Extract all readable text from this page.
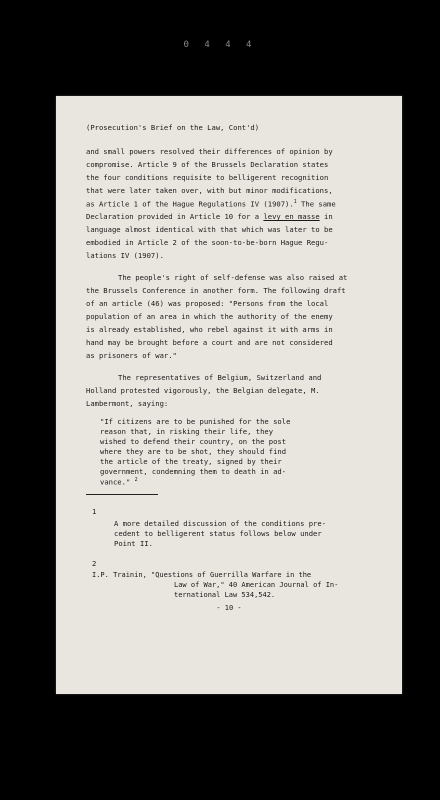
0 4 4 4
(Prosecution's Brief on the Law, Cont'd)
and small powers resolved their differences of opinion by
compromise. Article 9 of the Brussels Declaration states
the four conditions requisite to belligerent recognition
that were later taken over, with but minor modifications,
as Article 1 of the Hague Regulations IV (1907).$^1$ The same
Declaration provided in Article 10 for a levy en masse in
language almost identical with that which was later to be
embodied in Article 2 of the soon-to-be-born Hague Regu-
lations IV (1907).
The people's right of self-defense was also raised at
the Brussels Conference in another form. The following draft
of an article (46) was proposed: "Persons from the local
population of an area in which the authority of the enemy
is already established, who rebel against it with arms in
hand may be brought before a court and are not considered
as prisoners of war."
The representatives of Belgium, Switzerland and
Holland protested vigorously, the Belgian delegate, M.
Lambermont, saying:
"If citizens are to be punished for the sole
reason that, in risking their life, they
wished to defend their country, on the post
where they are to be shot, they should find
the article of the treaty, signed by their
government, condemning them to death in ad-
vance." $^2$
1
A more detailed discussion of the conditions pre-
cedent to belligerent status follows below under
Point II.
2
I.P. Trainin, "Questions of Guerrilla Warfare in the
Law of War," 40 American Journal of In-
ternational Law 534,542.
- 10 -
